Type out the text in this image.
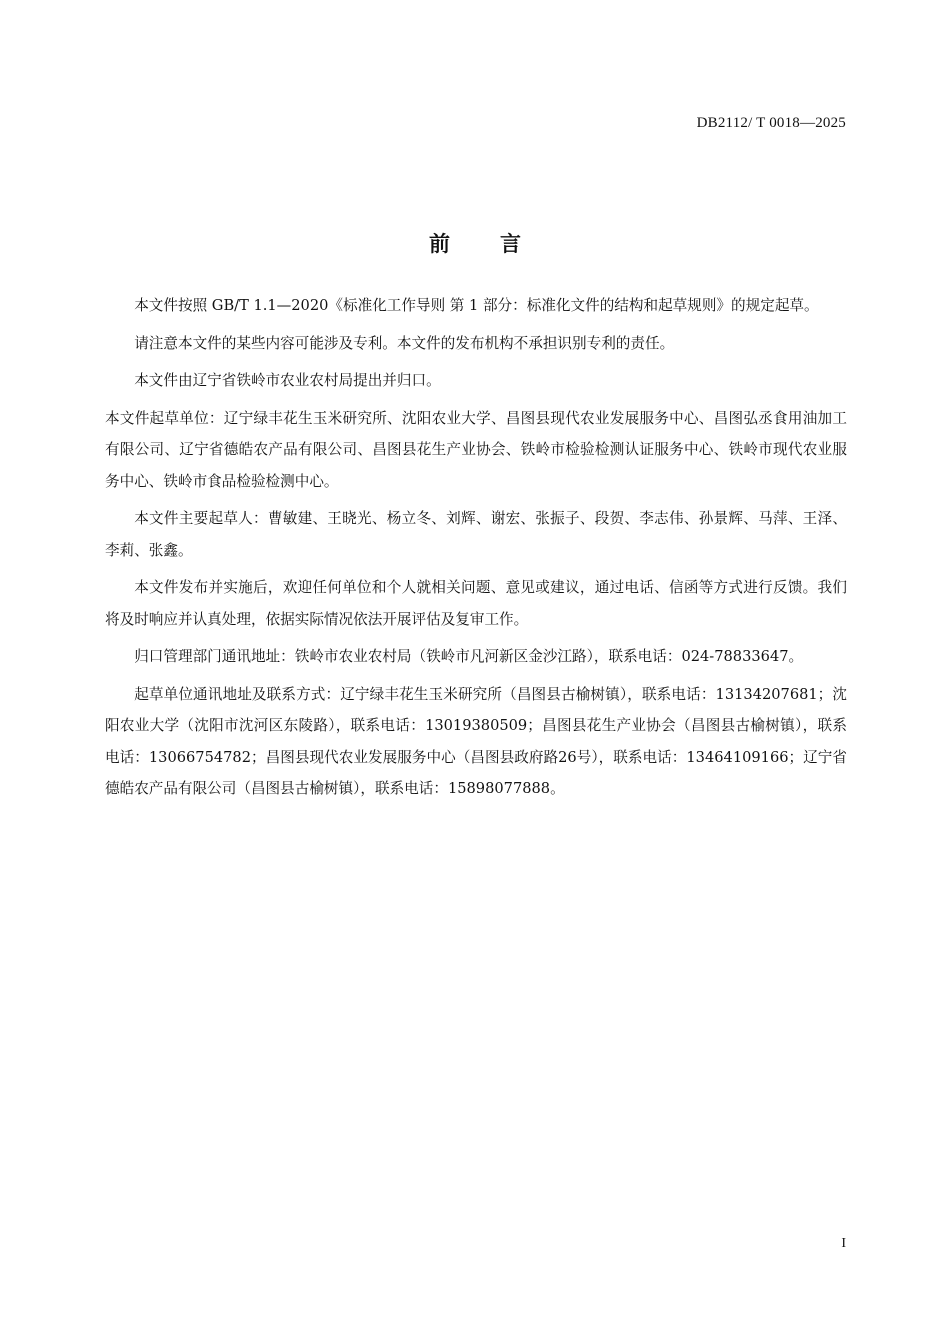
DB2112/ T 0018—2025
前 言

本文件按照 GB/T 1.1—2020《标准化工作导则 第 1 部分：标准化文件的结构和起草规则》的规定起草。

请注意本文件的某些内容可能涉及专利。本文件的发布机构不承担识别专利的责任。

本文件由辽宁省铁岭市农业农村局提出并归口。

本文件起草单位：辽宁绿丰花生玉米研究所、沈阳农业大学、昌图县现代农业发展服务中心、昌图弘丞食用油加工有限公司、辽宁省德皓农产品有限公司、昌图县花生产业协会、铁岭市检验检测认证服务中心、铁岭市现代农业服务中心、铁岭市食品检验检测中心。

本文件主要起草人：曹敏建、王晓光、杨立冬、刘辉、谢宏、张振子、段贺、李志伟、孙景辉、马萍、王泽、李莉、张鑫。

本文件发布并实施后，欢迎任何单位和个人就相关问题、意见或建议，通过电话、信函等方式进行反馈。我们将及时响应并认真处理，依据实际情况依法开展评估及复审工作。

归口管理部门通讯地址：铁岭市农业农村局（铁岭市凡河新区金沙江路），联系电话：024-78833647。

起草单位通讯地址及联系方式：辽宁绿丰花生玉米研究所（昌图县古榆树镇），联系电话：13134207681；沈阳农业大学（沈阳市沈河区东陵路），联系电话：13019380509；昌图县花生产业协会（昌图县古榆树镇），联系电话：13066754782；昌图县现代农业发展服务中心（昌图县政府路26号），联系电话：13464109166；辽宁省德皓农产品有限公司（昌图县古榆树镇），联系电话：15898077888。

I
